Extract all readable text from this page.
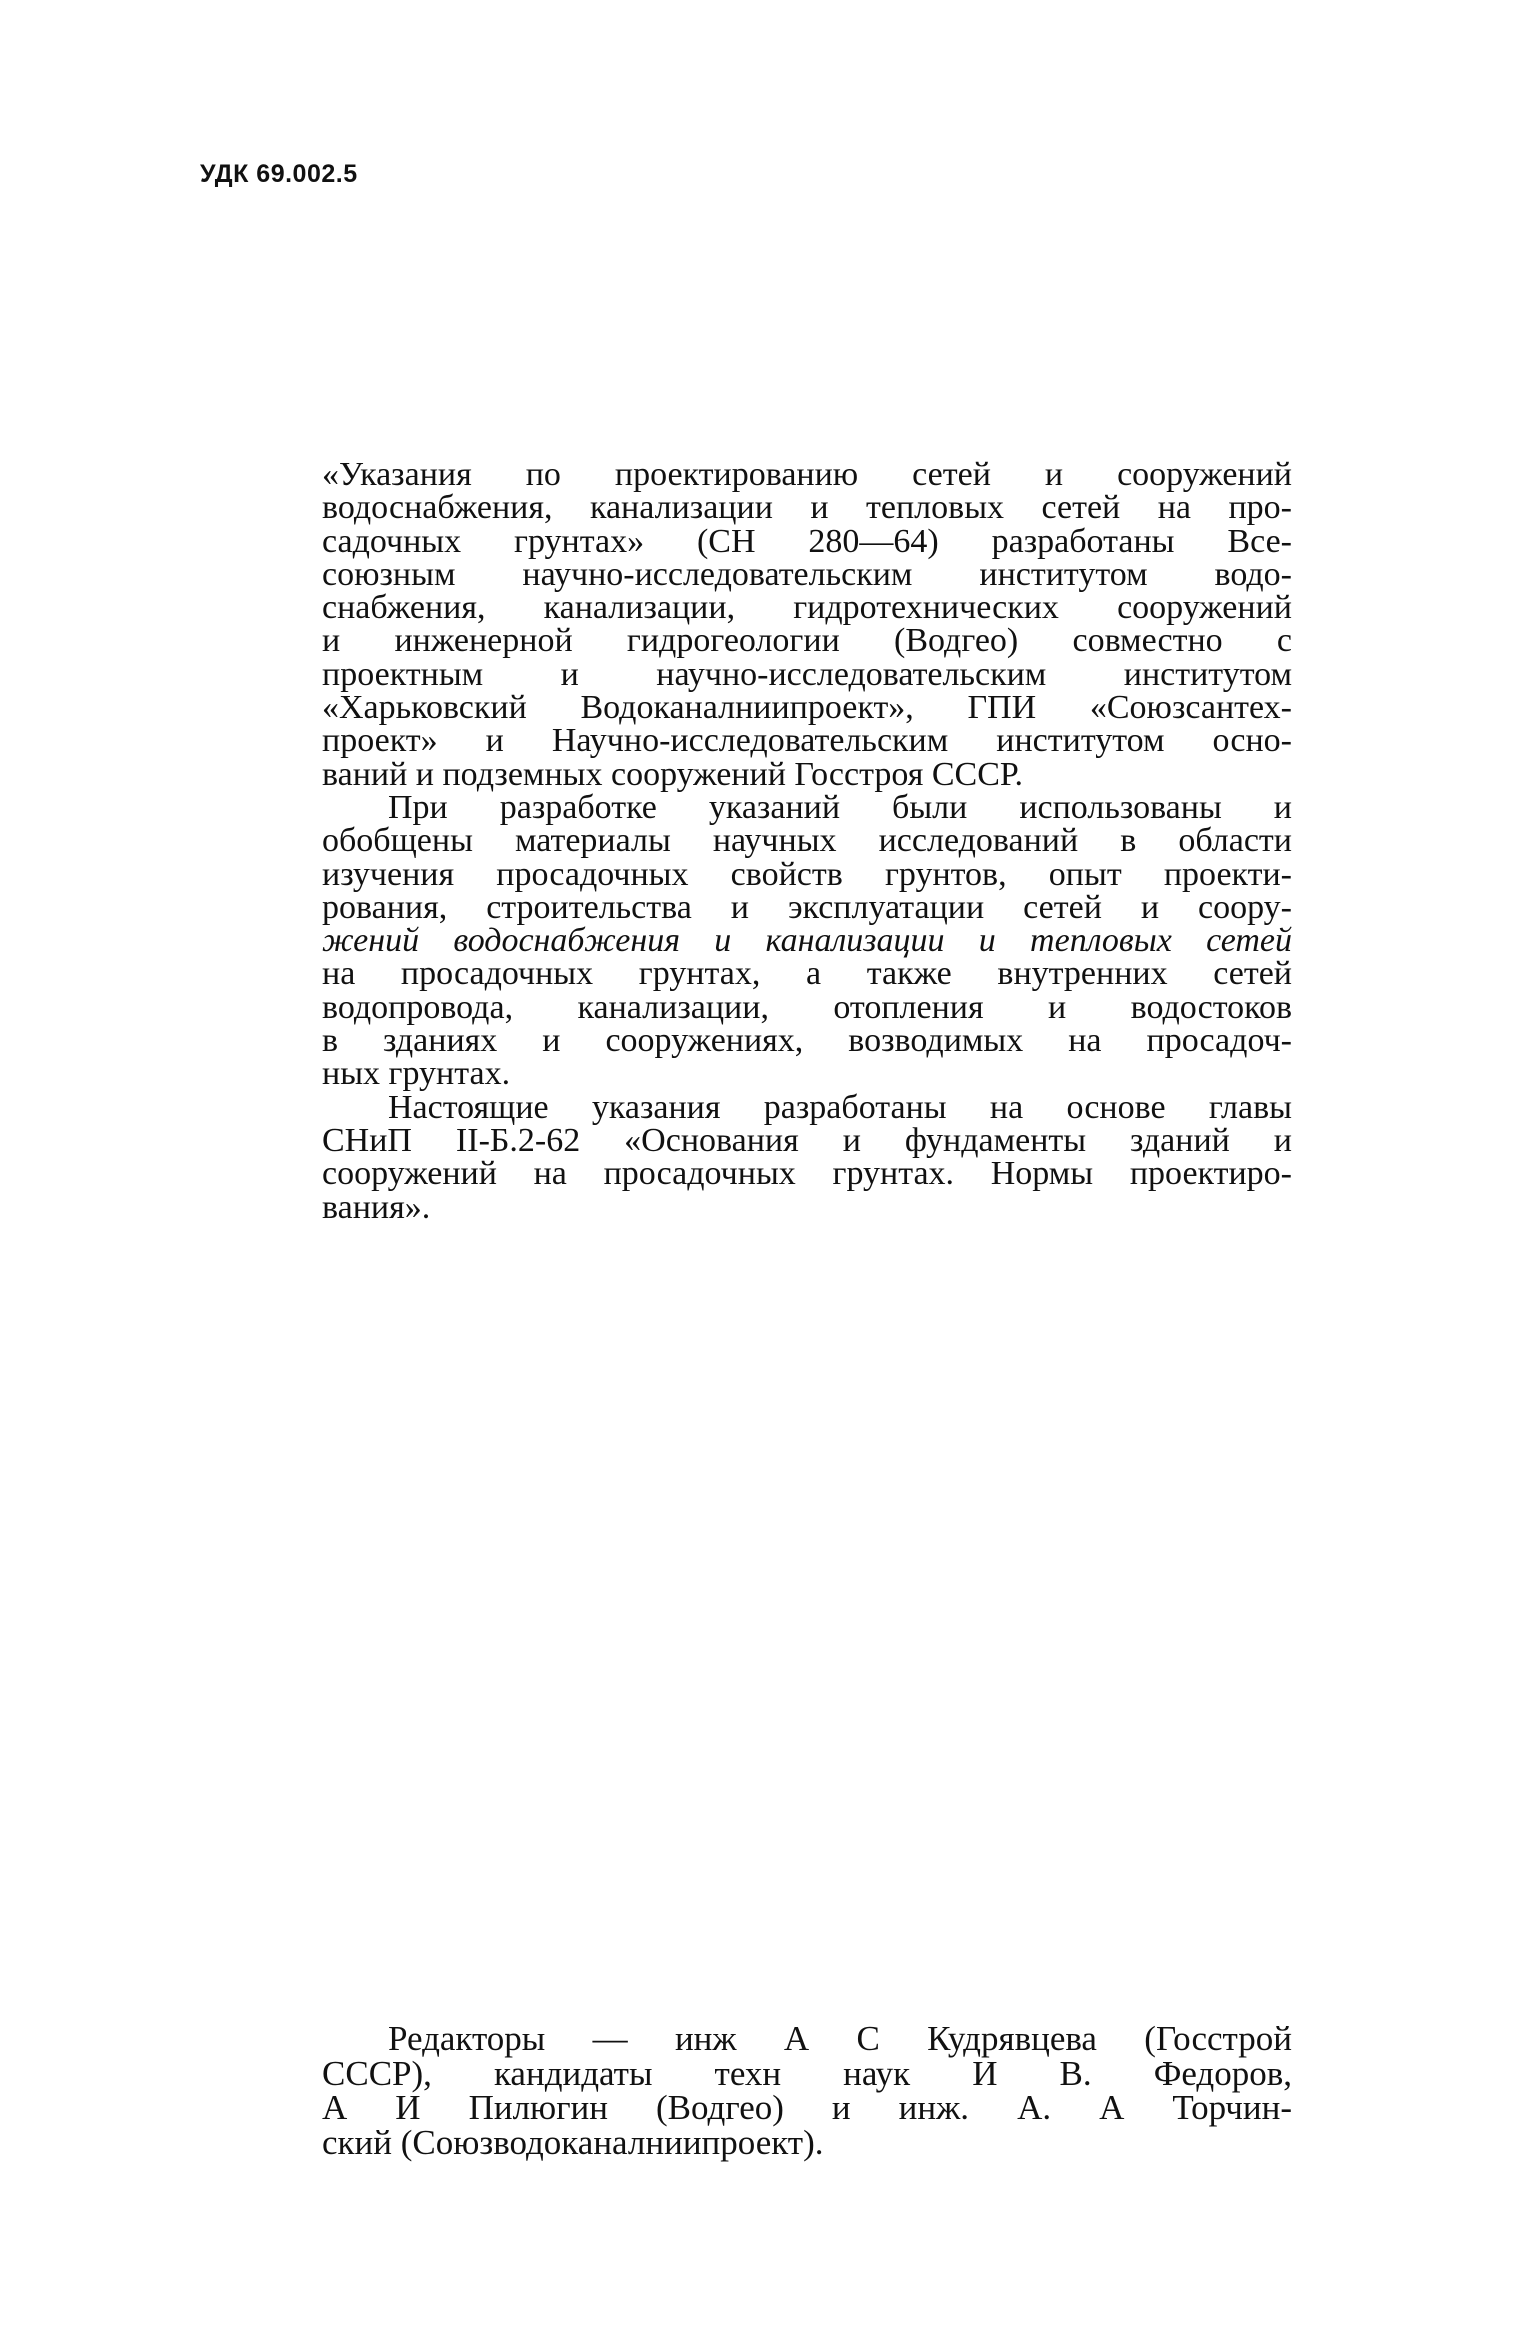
УДК 69.002.5

«Указания по проектированию сетей и сооружений
водоснабжения, канализации и тепловых сетей на про-
садочных грунтах» (СН 280—64) разработаны Все-
союзным научно-исследовательским институтом водо-
снабжения, канализации, гидротехнических сооружений
и инженерной гидрогеологии (Водгео) совместно с
проектным и научно-исследовательским институтом
«Харьковский Водоканалниипроект», ГПИ «Союзсантех-
проект» и Научно-исследовательским институтом осно-
ваний и подземных сооружений Госстроя СССР.

При разработке указаний были использованы и
обобщены материалы научных исследований в области
изучения просадочных свойств грунтов, опыт проекти-
рования, строительства и эксплуатации сетей и соору-
жений водоснабжения и канализации и тепловых сетей
на просадочных грунтах, а также внутренних сетей
водопровода, канализации, отопления и водостоков
в зданиях и сооружениях, возводимых на просадоч-
ных грунтах.

Настоящие указания разработаны на основе главы
СНиП II-Б.2-62 «Основания и фундаменты зданий и
сооружений на просадочных грунтах. Нормы проектиро-
вания».

Редакторы — инж А С Кудрявцева (Госстрой
СССР), кандидаты техн наук И В. Федоров,
А И Пилюгин (Водгео) и инж. А. А Торчин-
ский (Союзводоканалниипроект).
